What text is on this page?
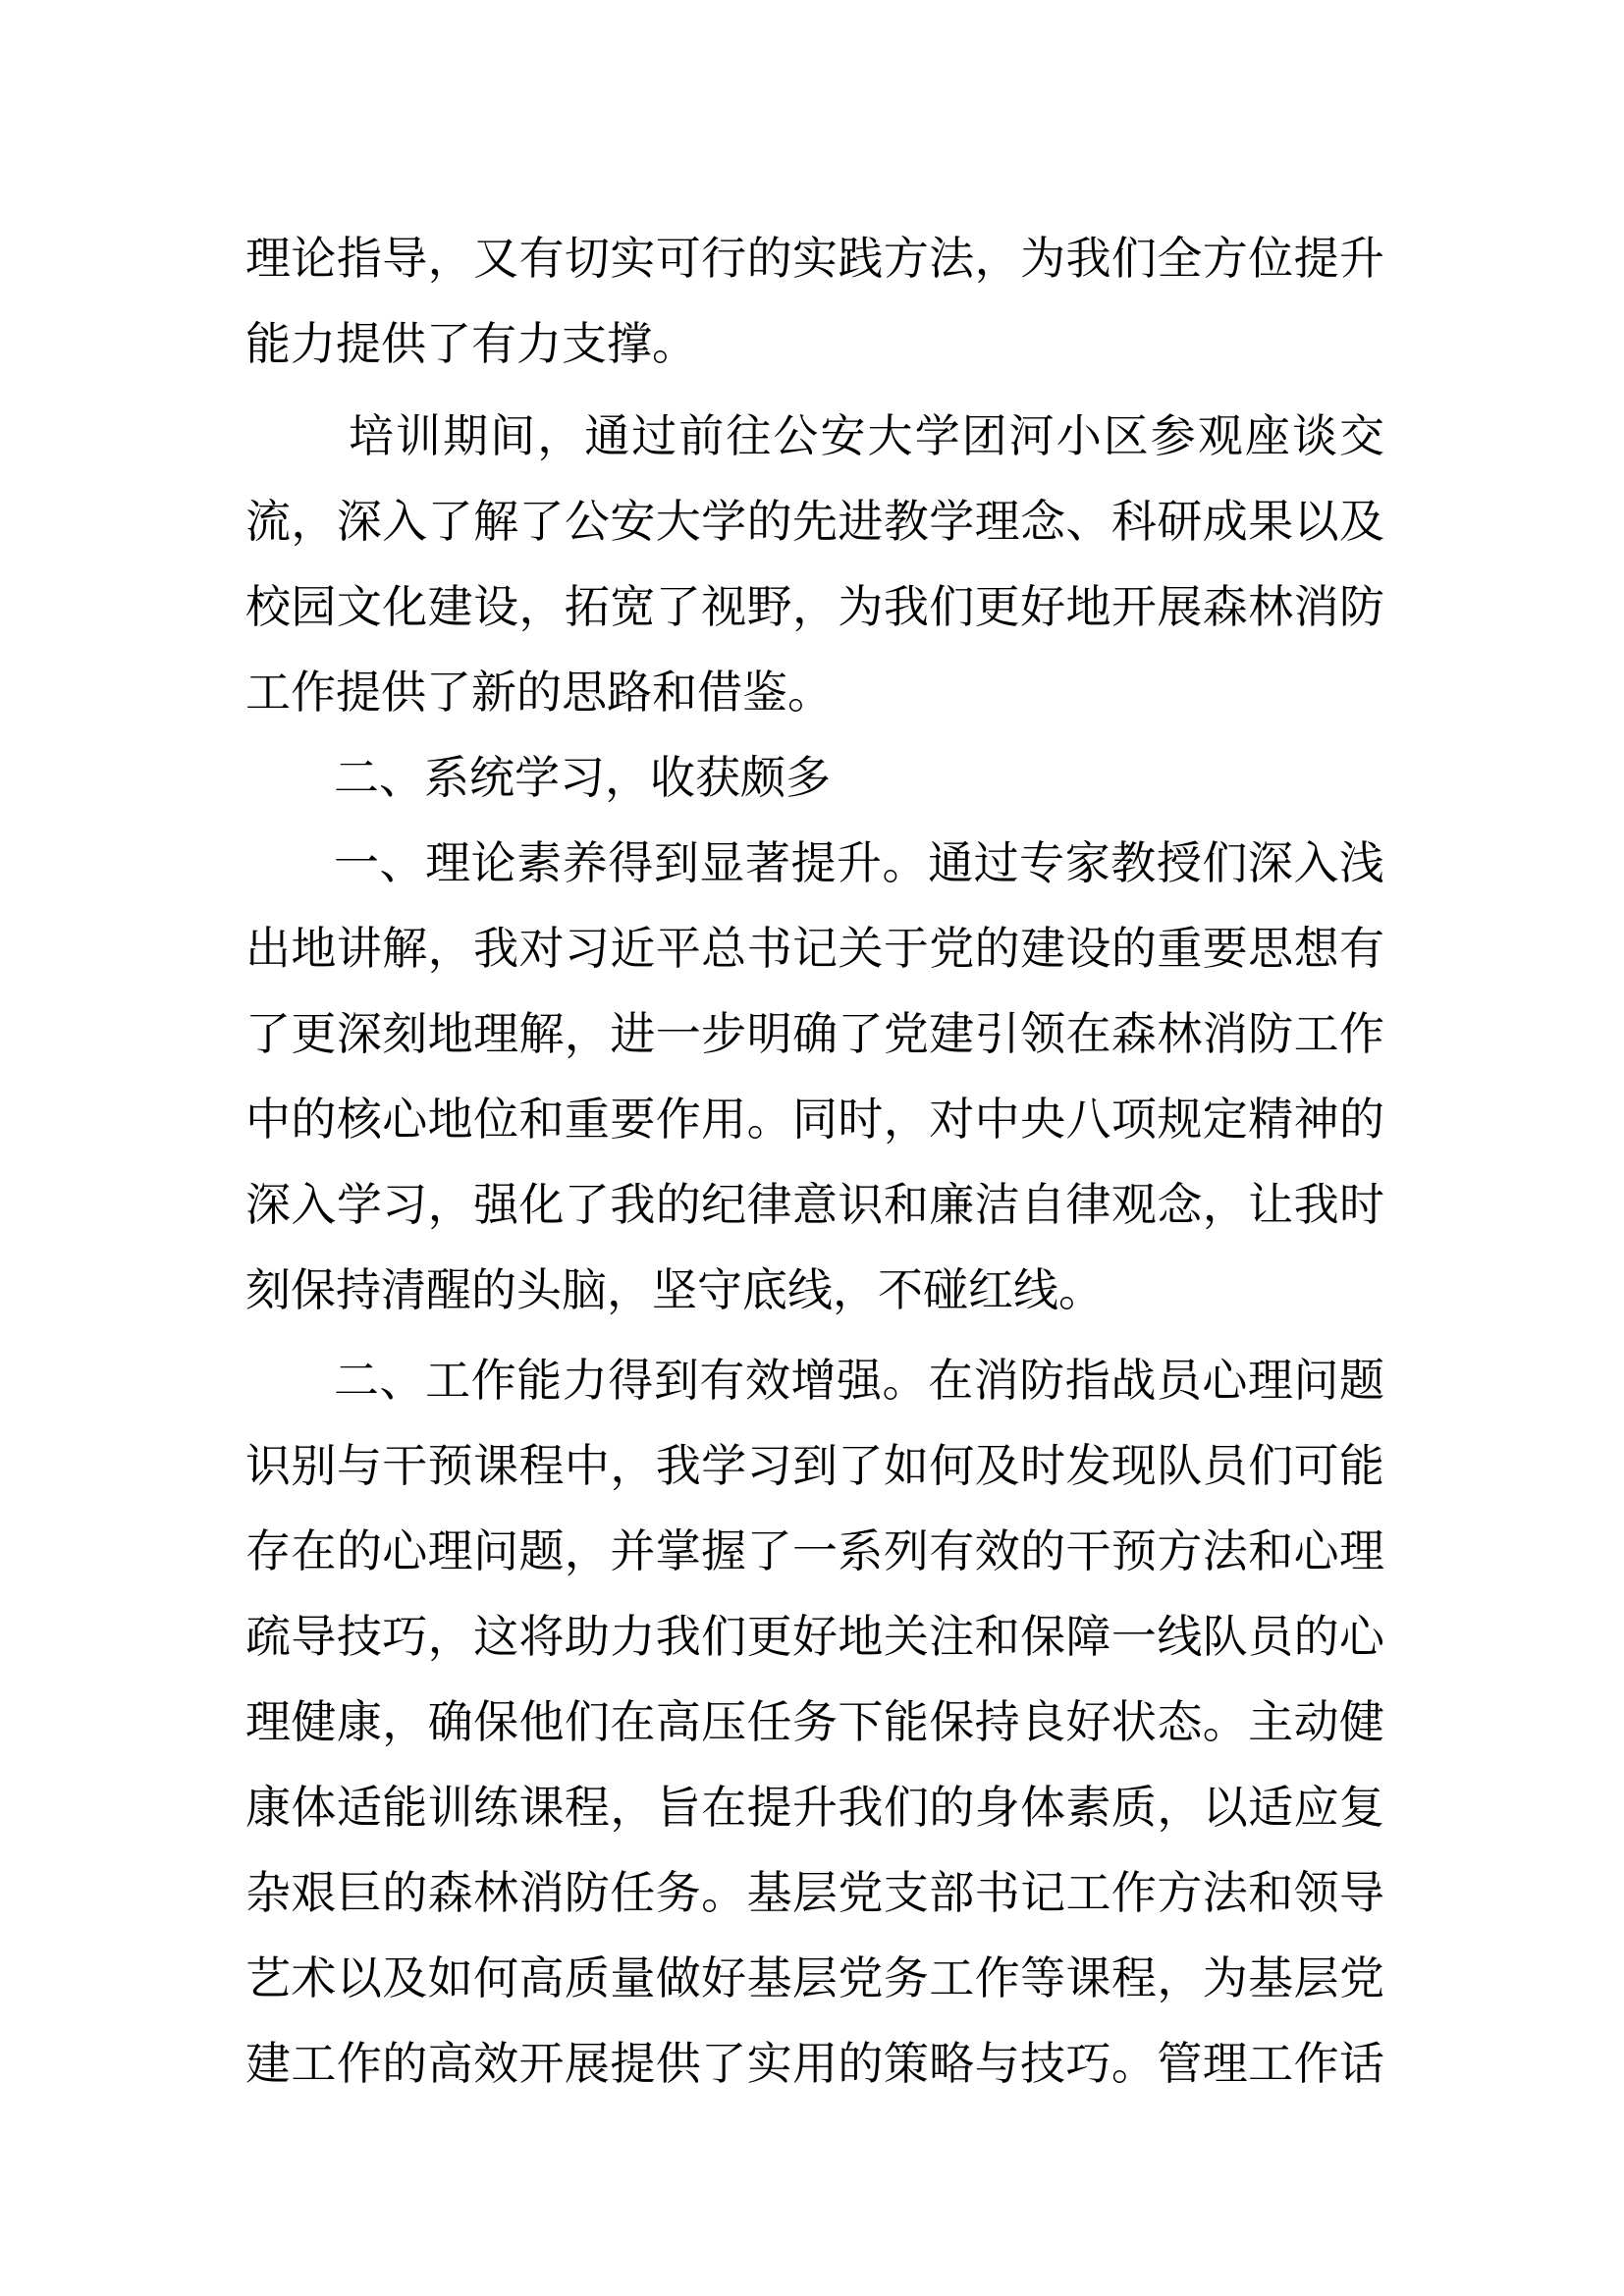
理论指导，又有切实可行的实践方法，为我们全方位提升

能力提供了有力支撑。

培训期间，通过前往公安大学团河小区参观座谈交

流，深入了解了公安大学的先进教学理念、科研成果以及

校园文化建设，拓宽了视野，为我们更好地开展森林消防

工作提供了新的思路和借鉴。

二、系统学习，收获颇多

一、理论素养得到显著提升。通过专家教授们深入浅

出地讲解，我对习近平总书记关于党的建设的重要思想有

了更深刻地理解，进一步明确了党建引领在森林消防工作

中的核心地位和重要作用。同时，对中央八项规定精神的

深入学习，强化了我的纪律意识和廉洁自律观念，让我时

刻保持清醒的头脑，坚守底线，不碰红线。

二、工作能力得到有效增强。在消防指战员心理问题

识别与干预课程中，我学习到了如何及时发现队员们可能

存在的心理问题，并掌握了一系列有效的干预方法和心理

疏导技巧，这将助力我们更好地关注和保障一线队员的心

理健康，确保他们在高压任务下能保持良好状态。主动健

康体适能训练课程，旨在提升我们的身体素质，以适应复

杂艰巨的森林消防任务。基层党支部书记工作方法和领导

艺术以及如何高质量做好基层党务工作等课程，为基层党

建工作的高效开展提供了实用的策略与技巧。管理工作话
